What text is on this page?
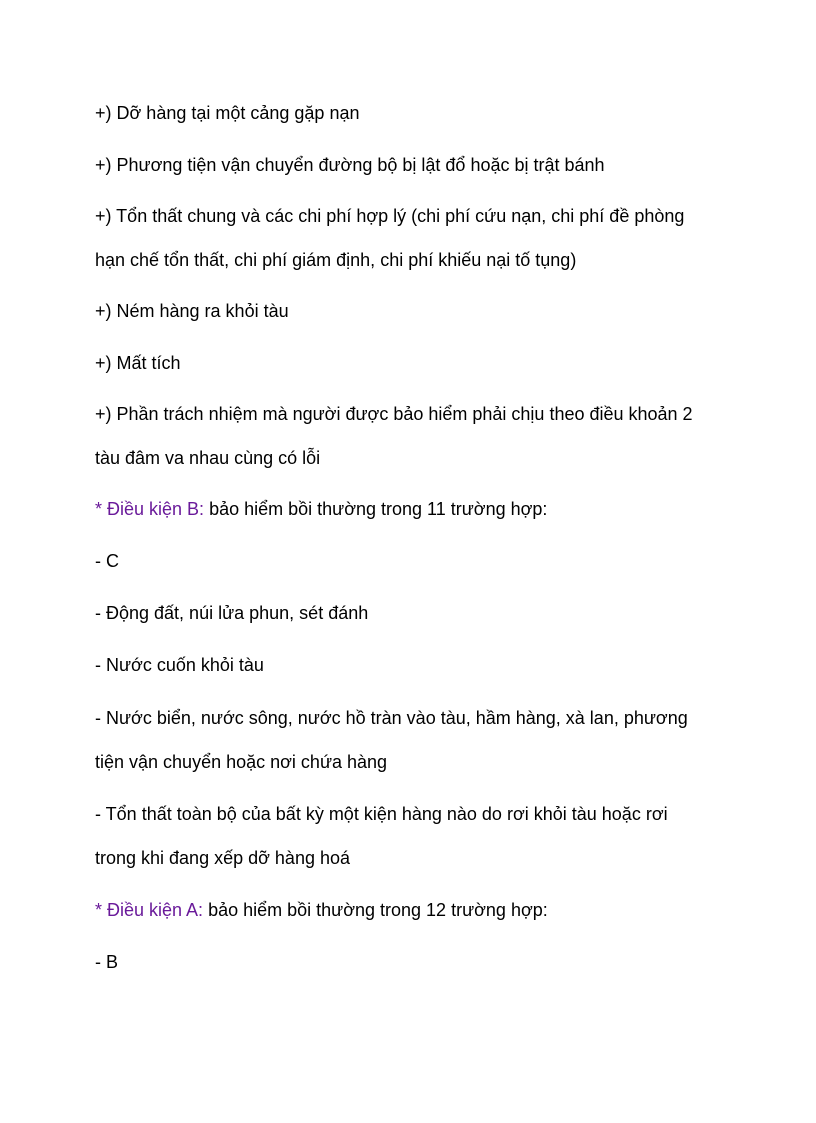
+) Dỡ hàng tại một cảng gặp nạn
+) Phương tiện vận chuyển đường bộ bị lật đổ hoặc bị trật bánh
+) Tổn thất chung và các chi phí hợp lý (chi phí cứu nạn, chi phí đề phòng
hạn chế tổn thất, chi phí giám định, chi phí khiếu nại tố tụng)
+) Ném hàng ra khỏi tàu
+) Mất tích
+) Phần trách nhiệm mà người được bảo hiểm phải chịu theo điều khoản 2
tàu đâm va nhau cùng có lỗi
* Điều kiện B: bảo hiểm bồi thường trong 11 trường hợp:
- C
- Động đất, núi lửa phun, sét đánh
- Nước cuốn khỏi tàu
- Nước biển, nước sông, nước hồ tràn vào tàu, hầm hàng, xà lan, phương
tiện vận chuyển hoặc nơi chứa hàng
- Tổn thất toàn bộ của bất kỳ một kiện hàng nào do rơi khỏi tàu hoặc rơi
trong khi đang xếp dỡ hàng hoá
* Điều kiện A: bảo hiểm bồi thường trong 12 trường hợp:
- B
